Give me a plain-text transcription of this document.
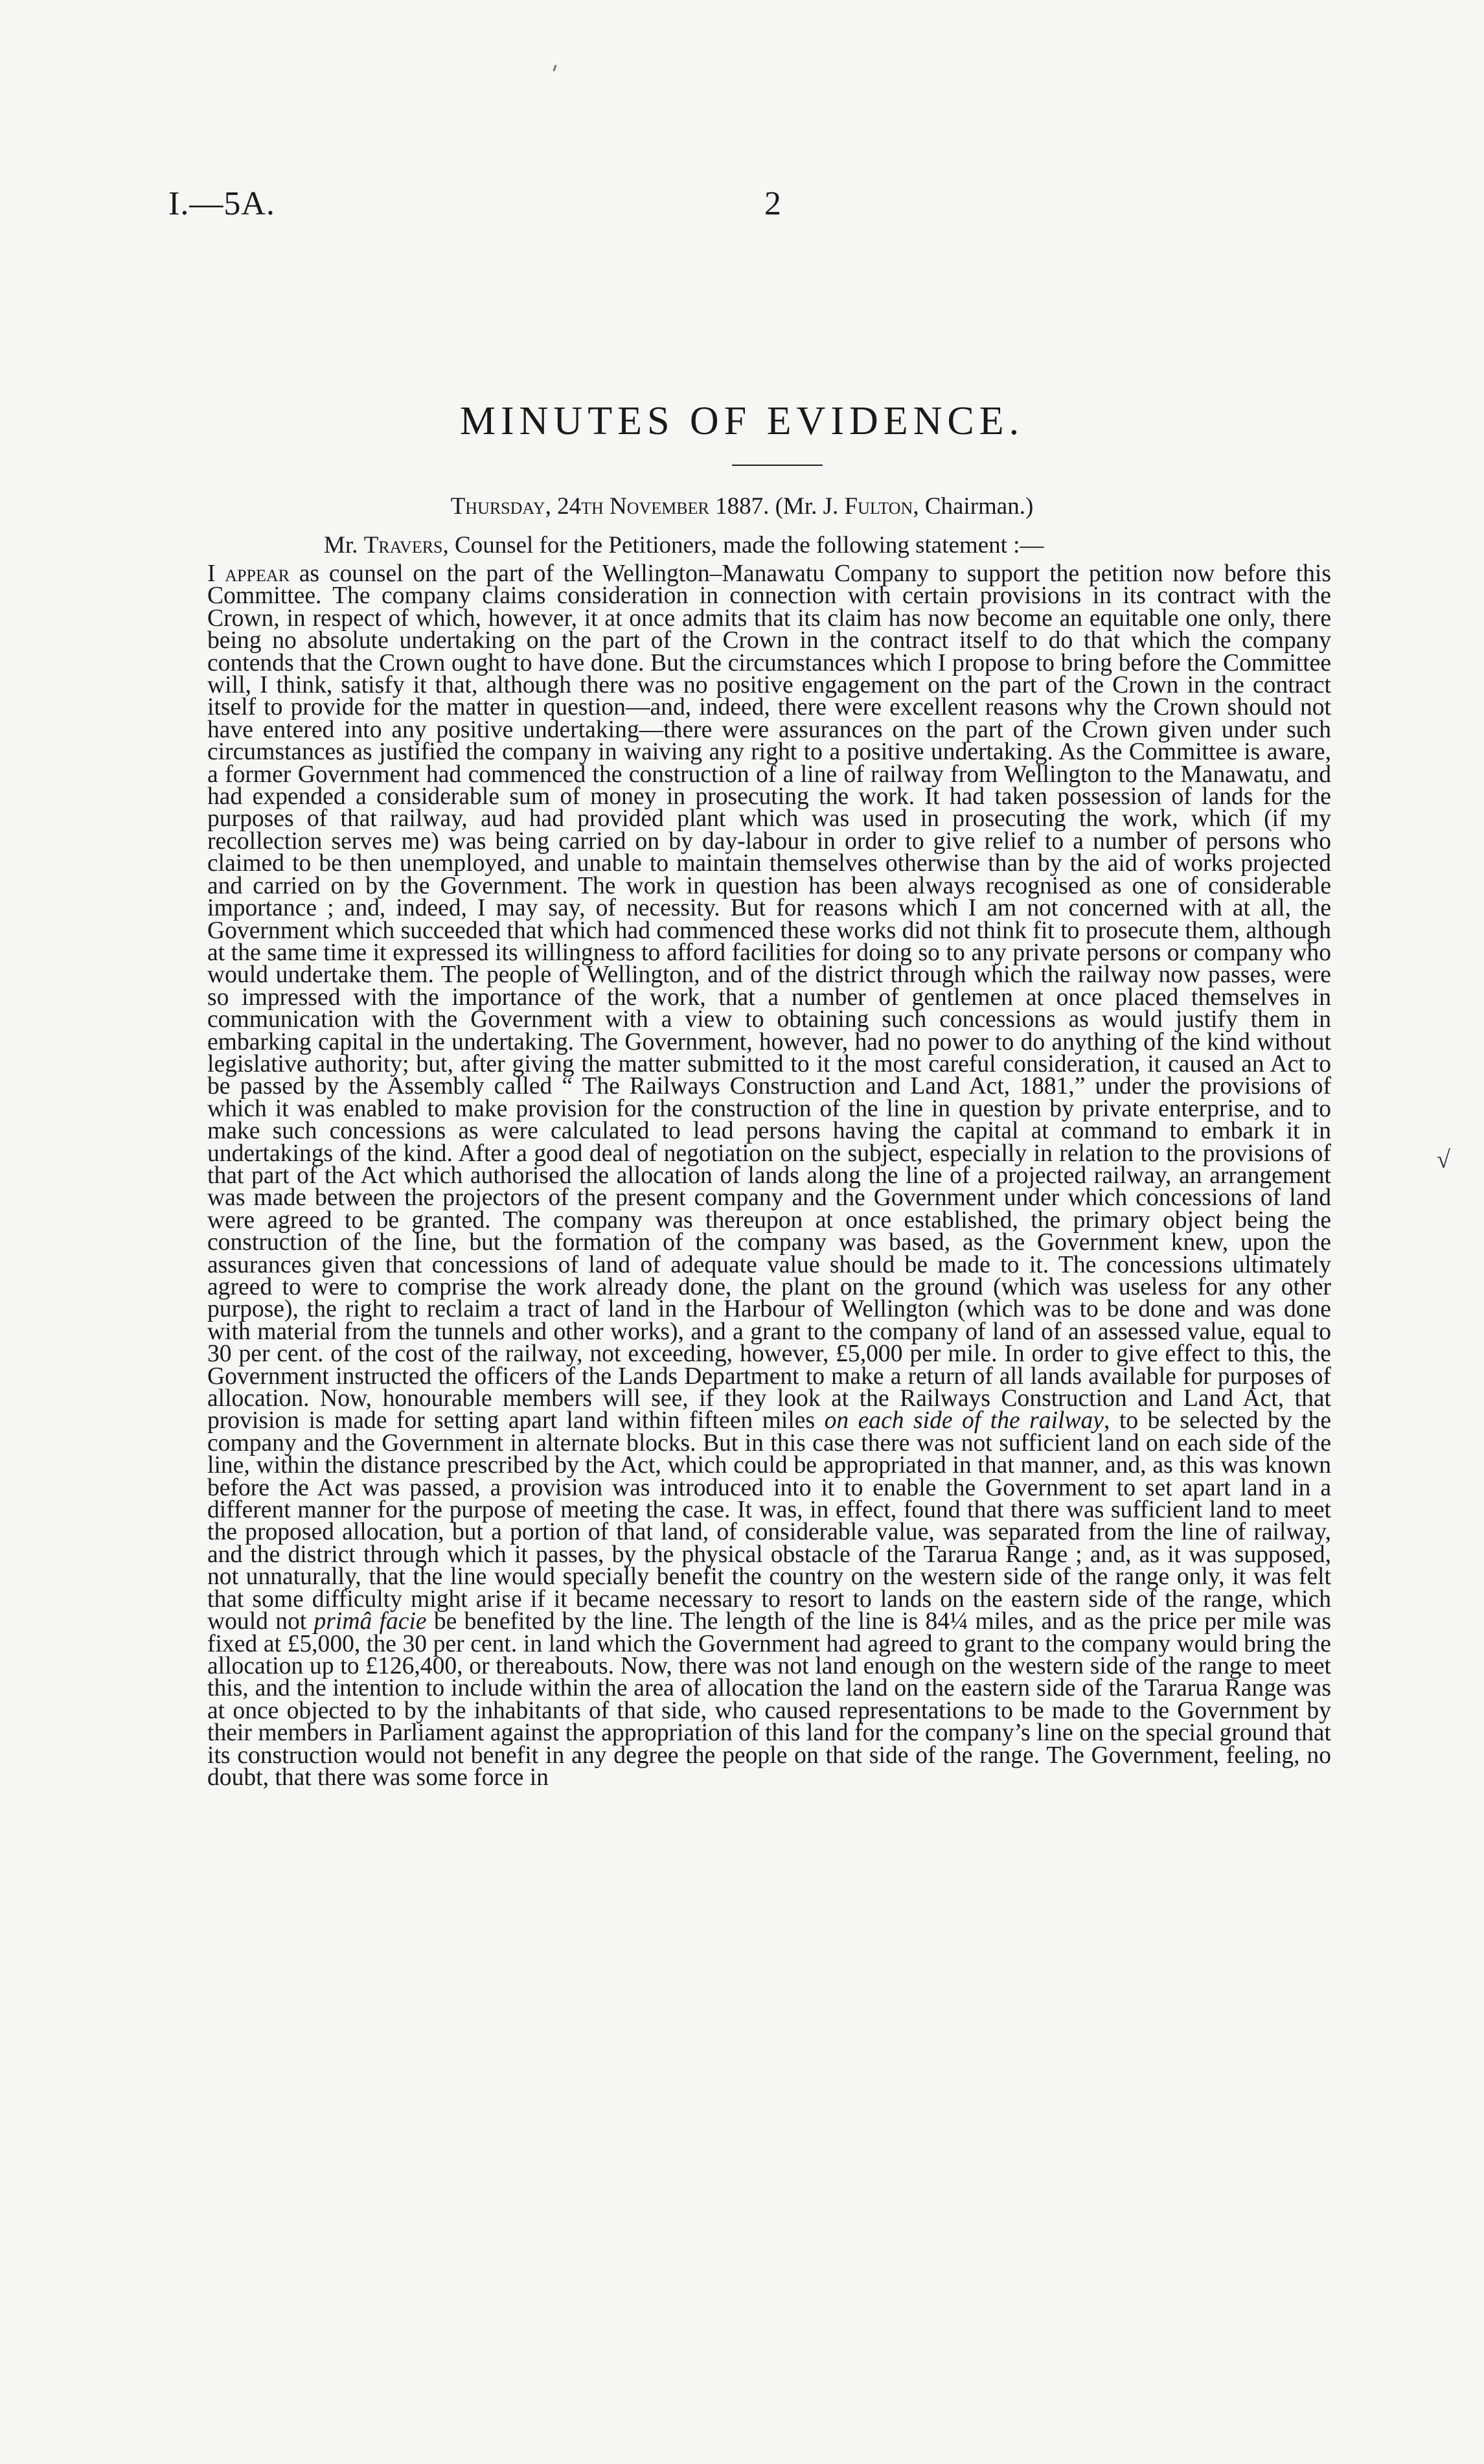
I.—5A.	2
MINUTES OF EVIDENCE.
Thursday, 24th November 1887. (Mr. J. Fulton, Chairman.)
Mr. Travers, Counsel for the Petitioners, made the following statement :—

I appear as counsel on the part of the Wellington–Manawatu Company to support the petition now before this Committee. The company claims consideration in connection with certain provisions in its contract with the Crown, in respect of which, however, it at once admits that its claim has now become an equitable one only, there being no absolute undertaking on the part of the Crown in the contract itself to do that which the company contends that the Crown ought to have done. But the circumstances which I propose to bring before the Committee will, I think, satisfy it that, although there was no positive engagement on the part of the Crown in the contract itself to provide for the matter in question—and, indeed, there were excellent reasons why the Crown should not have entered into any positive undertaking—there were assurances on the part of the Crown given under such circumstances as justified the company in waiving any right to a positive undertaking. As the Committee is aware, a former Government had commenced the construction of a line of railway from Wellington to the Manawatu, and had expended a considerable sum of money in prosecuting the work. It had taken possession of lands for the purposes of that railway, aud had provided plant which was used in prosecuting the work, which (if my recollection serves me) was being carried on by day-labour in order to give relief to a number of persons who claimed to be then unemployed, and unable to maintain themselves otherwise than by the aid of works projected and carried on by the Government. The work in question has been always recognised as one of considerable importance ; and, indeed, I may say, of necessity. But for reasons which I am not concerned with at all, the Government which succeeded that which had commenced these works did not think fit to prosecute them, although at the same time it expressed its willingness to afford facilities for doing so to any private persons or company who would undertake them. The people of Wellington, and of the district through which the railway now passes, were so impressed with the importance of the work, that a number of gentlemen at once placed themselves in communication with the Government with a view to obtaining such concessions as would justify them in embarking capital in the undertaking. The Government, however, had no power to do anything of the kind without legislative authority; but, after giving the matter submitted to it the most careful consideration, it caused an Act to be passed by the Assembly called “ The Railways Construction and Land Act, 1881,” under the provisions of which it was enabled to make provision for the construction of the line in question by private enterprise, and to make such concessions as were calculated to lead persons having the capital at command to embark it in undertakings of the kind. After a good deal of negotiation on the subject, especially in relation to the provisions of that part of the Act which authorised the allocation of lands along the line of a projected railway, an arrangement was made between the projectors of the present company and the Government under which concessions of land were agreed to be granted. The company was thereupon at once established, the primary object being the construction of the line, but the formation of the company was based, as the Government knew, upon the assurances given that concessions of land of adequate value should be made to it. The concessions ultimately agreed to were to comprise the work already done, the plant on the ground (which was useless for any other purpose), the right to reclaim a tract of land in the Harbour of Wellington (which was to be done and was done with material from the tunnels and other works), and a grant to the company of land of an assessed value, equal to 30 per cent. of the cost of the railway, not exceeding, however, £5,000 per mile. In order to give effect to this, the Government instructed the officers of the Lands Department to make a return of all lands available for purposes of allocation. Now, honourable members will see, if they look at the Railways Construction and Land Act, that provision is made for setting apart land within fifteen miles on each side of the railway, to be selected by the company and the Government in alternate blocks. But in this case there was not sufficient land on each side of the line, within the distance prescribed by the Act, which could be appropriated in that manner, and, as this was known before the Act was passed, a provision was introduced into it to enable the Government to set apart land in a different manner for the purpose of meeting the case. It was, in effect, found that there was sufficient land to meet the proposed allocation, but a portion of that land, of considerable value, was separated from the line of railway, and the district through which it passes, by the physical obstacle of the Tararua Range ; and, as it was supposed, not unnaturally, that the line would specially benefit the country on the western side of the range only, it was felt that some difficulty might arise if it became necessary to resort to lands on the eastern side of the range, which would not primâ facie be benefited by the line. The length of the line is 84¼ miles, and as the price per mile was fixed at £5,000, the 30 per cent. in land which the Government had agreed to grant to the company would bring the allocation up to £126,400, or thereabouts. Now, there was not land enough on the western side of the range to meet this, and the intention to include within the area of allocation the land on the eastern side of the Tararua Range was at once objected to by the inhabitants of that side, who caused representations to be made to the Government by their members in Parliament against the appropriation of this land for the company’s line on the special ground that its construction would not benefit in any degree the people on that side of the range. The Government, feeling, no doubt, that there was some force in

√
